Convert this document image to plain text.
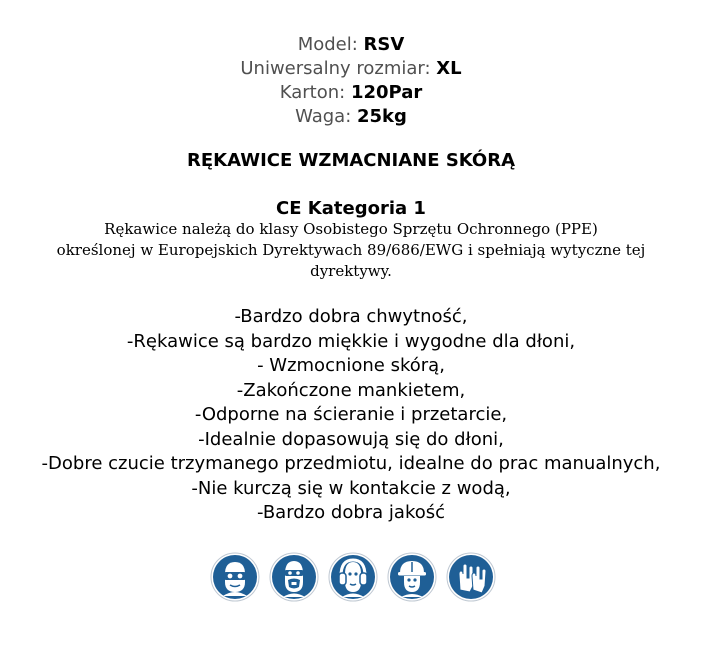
Model: RSV
Uniwersalny rozmiar: XL
Karton: 120Par
Waga: 25kg
RĘKAWICE WZMACNIANE SKÓRĄ
CE Kategoria 1
Rękawice należą do klasy Osobistego Sprzętu Ochronnego (PPE)
określonej w Europejskich Dyrektywach 89/686/EWG i spełniają wytyczne tej
dyrektywy.
-Bardzo dobra chwytność,
-Rękawice są bardzo miękkie i wygodne dla dłoni,
- Wzmocnione skórą,
-Zakończone mankietem,
-Odporne na ścieranie i przetarcie,
-Idealnie dopasowują się do dłoni,
-Dobre czucie trzymanego przedmiotu, idealne do prac manualnych,
-Nie kurczą się w kontakcie z wodą,
-Bardzo dobra jakość
